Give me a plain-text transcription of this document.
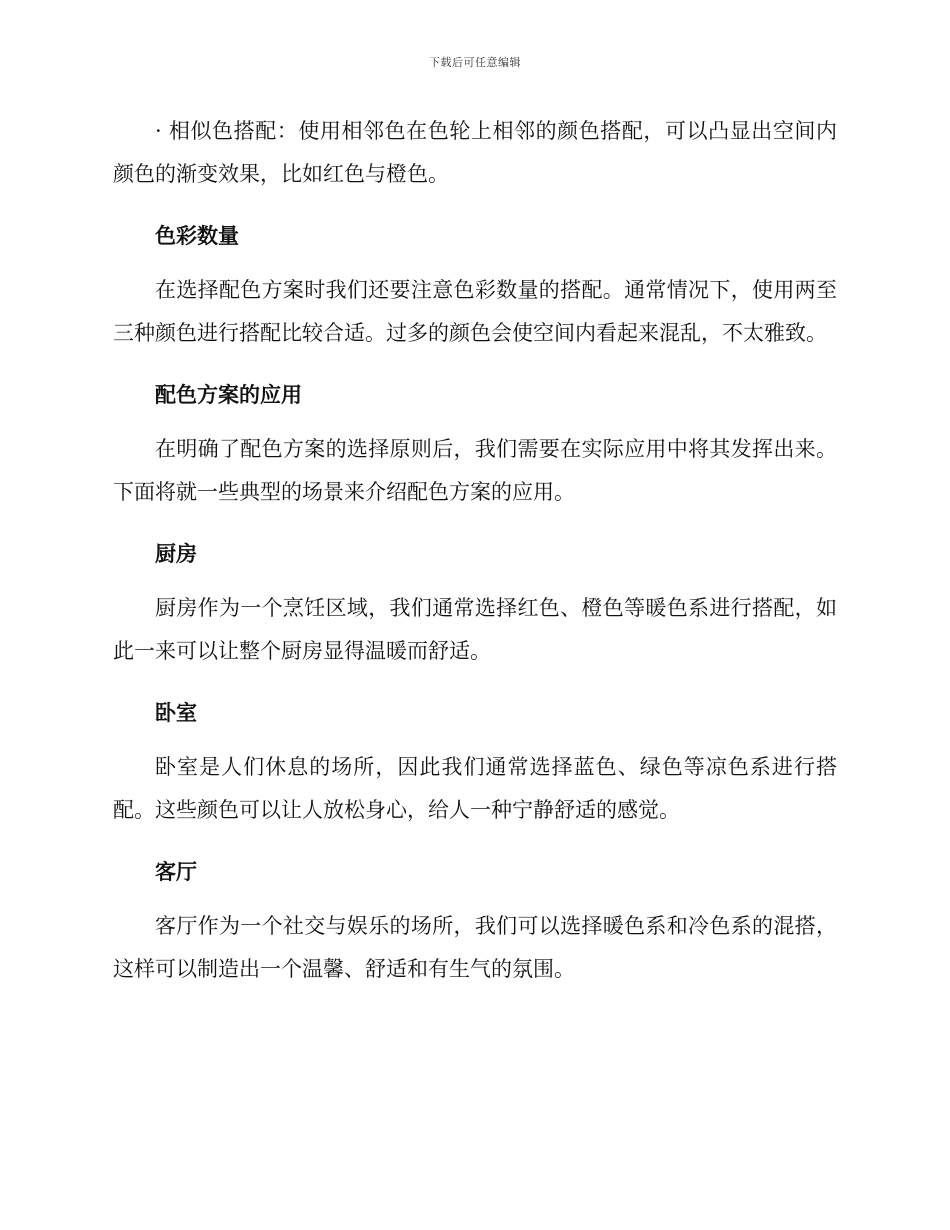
下载后可任意编辑

· 相似色搭配：使用相邻色在色轮上相邻的颜色搭配，可以凸显出空间内颜色的渐变效果，比如红色与橙色。

色彩数量

在选择配色方案时我们还要注意色彩数量的搭配。通常情况下，使用两至三种颜色进行搭配比较合适。过多的颜色会使空间内看起来混乱，不太雅致。

配色方案的应用

在明确了配色方案的选择原则后，我们需要在实际应用中将其发挥出来。下面将就一些典型的场景来介绍配色方案的应用。

厨房

厨房作为一个烹饪区域，我们通常选择红色、橙色等暖色系进行搭配，如此一来可以让整个厨房显得温暖而舒适。

卧室

卧室是人们休息的场所，因此我们通常选择蓝色、绿色等凉色系进行搭配。这些颜色可以让人放松身心，给人一种宁静舒适的感觉。

客厅

客厅作为一个社交与娱乐的场所，我们可以选择暖色系和冷色系的混搭，这样可以制造出一个温馨、舒适和有生气的氛围。
